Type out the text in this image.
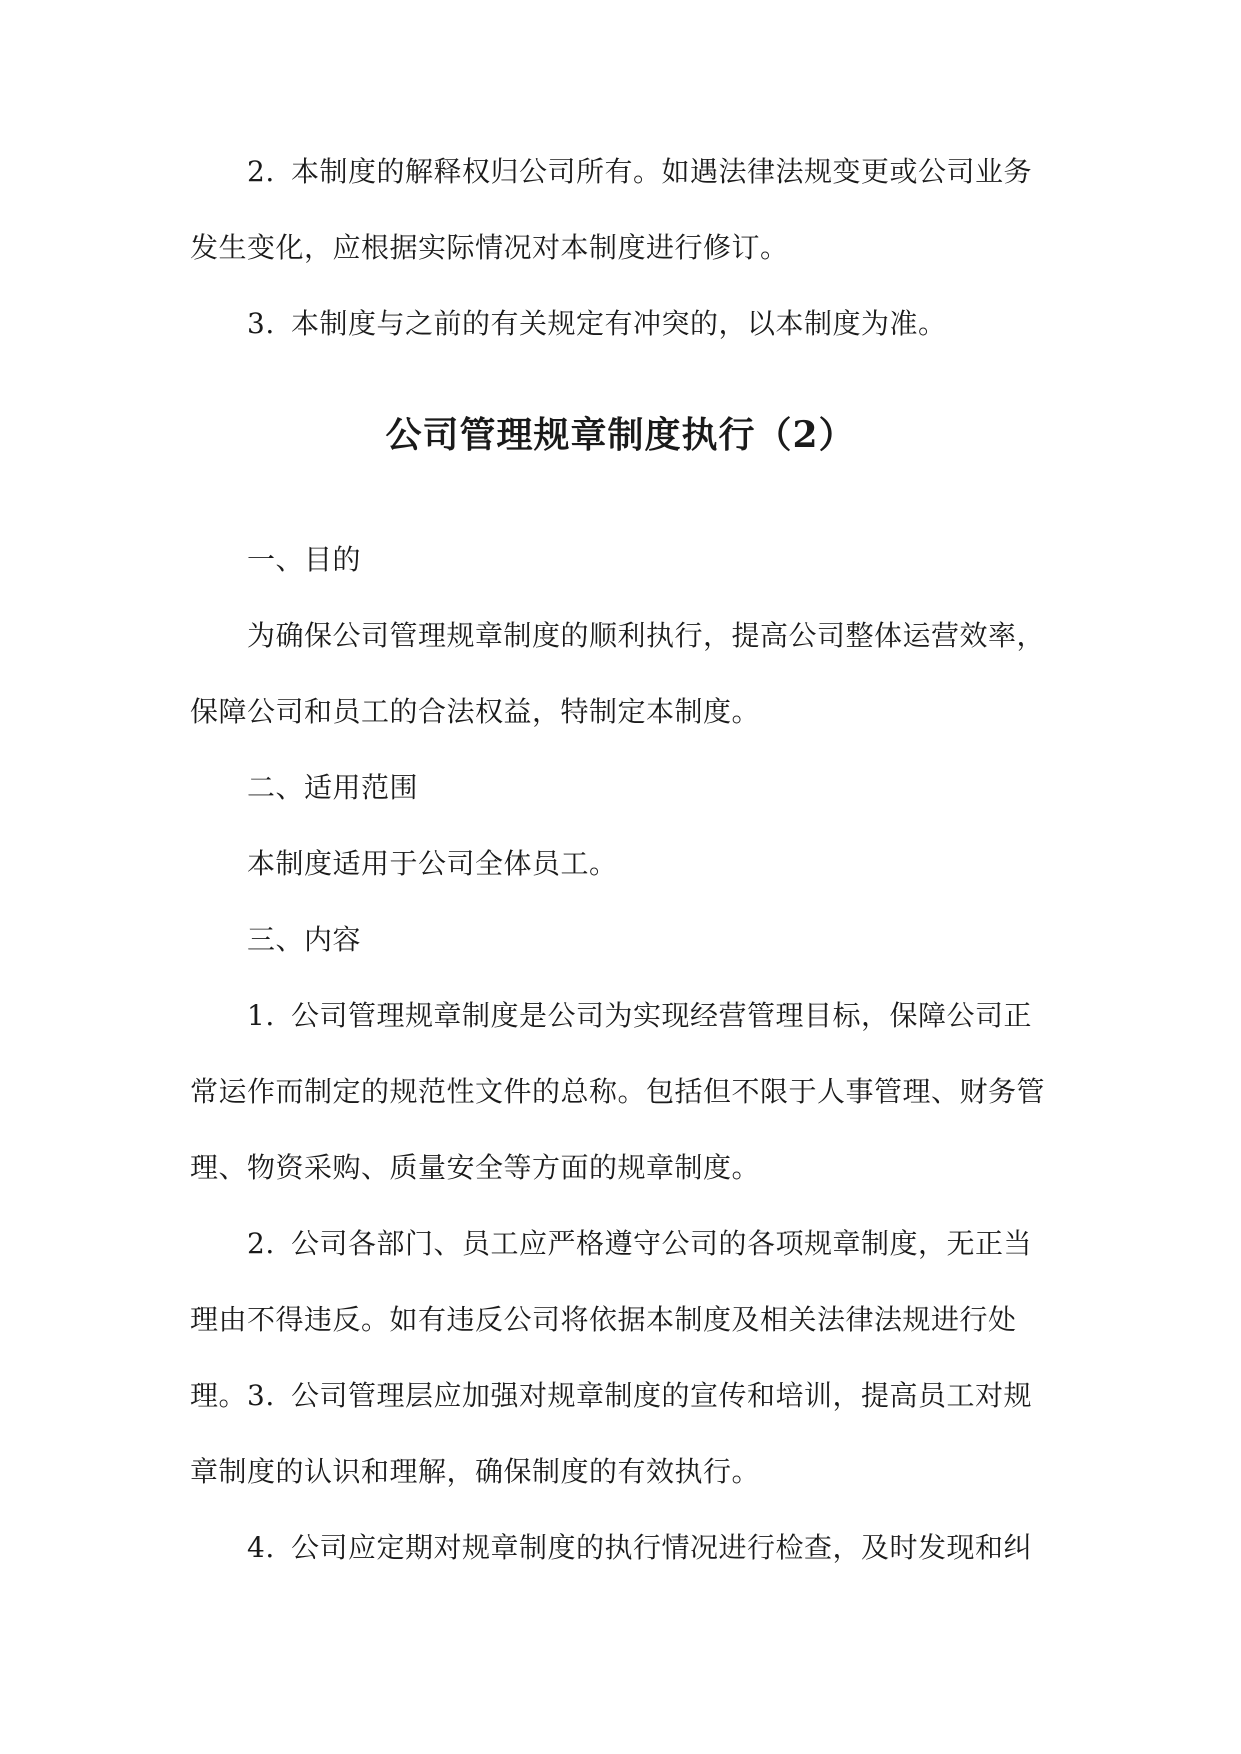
2. 本制度的解释权归公司所有。如遇法律法规变更或公司业务发生变化，应根据实际情况对本制度进行修订。

3. 本制度与之前的有关规定有冲突的，以本制度为准。

公司管理规章制度执行（2）

一、目的

为确保公司管理规章制度的顺利执行，提高公司整体运营效率，保障公司和员工的合法权益，特制定本制度。

二、适用范围

本制度适用于公司全体员工。

三、内容

1. 公司管理规章制度是公司为实现经营管理目标，保障公司正常运作而制定的规范性文件的总称。包括但不限于人事管理、财务管理、物资采购、质量安全等方面的规章制度。

2. 公司各部门、员工应严格遵守公司的各项规章制度，无正当理由不得违反。如有违反公司将依据本制度及相关法律法规进行处理。 3. 公司管理层应加强对规章制度的宣传和培训，提高员工对规章制度的认识和理解，确保制度的有效执行。

4. 公司应定期对规章制度的执行情况进行检查，及时发现和纠
